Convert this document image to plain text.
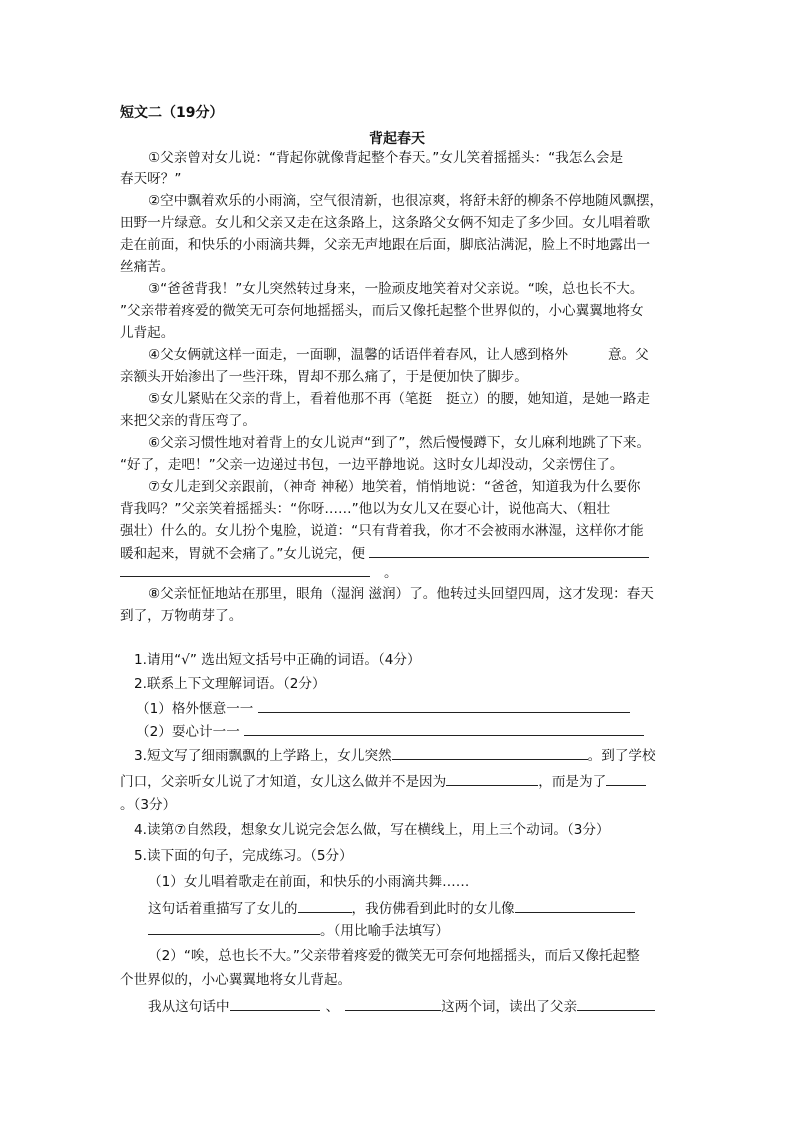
短文二（19分）
背起春天
①父亲曾对女儿说：“背起你就像背起整个春天。”女儿笑着摇摇头：“我怎么会是
春天呀？”
②空中飘着欢乐的小雨滴，空气很清新，也很凉爽，将舒未舒的柳条不停地随风飘摆，
田野一片绿意。女儿和父亲又走在这条路上，这条路父女俩不知走了多少回。女儿唱着歌
走在前面，和快乐的小雨滴共舞，父亲无声地跟在后面，脚底沾满泥，脸上不时地露出一
丝痛苦。
③“爸爸背我！”女儿突然转过身来，一脸顽皮地笑着对父亲说。“唉，总也长不大。
”父亲带着疼爱的微笑无可奈何地摇摇头，而后又像托起整个世界似的，小心翼翼地将女
儿背起。
④父女俩就这样一面走，一面聊，温馨的话语伴着春风，让人感到格外	意。父
亲额头开始渗出了一些汗珠，胃却不那么痛了，于是便加快了脚步。
⑤女儿紧贴在父亲的背上，看着他那不再（笔挺 挺立）的腰，她知道，是她一路走
来把父亲的背压弯了。
⑥父亲习惯性地对着背上的女儿说声“到了”，然后慢慢蹲下，女儿麻利地跳了下来。
“好了，走吧！”父亲一边递过书包，一边平静地说。这时女儿却没动，父亲愣住了。
⑦女儿走到父亲跟前，（神奇 神秘）地笑着，悄悄地说：“爸爸，知道我为什么要你
背我吗？”父亲笑着摇摇头：“你呀……”他以为女儿又在耍心计，说他高大、（粗壮
强壮）什么的。女儿扮个鬼脸，说道：“只有背着我，你才不会被雨水淋湿，这样你才能
暖和起来，胃就不会痛了。”女儿说完，便
。
⑧父亲怔怔地站在那里，眼角（湿润 滋润）了。他转过头回望四周，这才发现：春天
到了，万物萌芽了。
1.请用“√” 选出短文括号中正确的词语。（4分）
2.联系上下文理解词语。（2分）
（1）格外惬意一一
（2）耍心计一一
3.短文写了细雨飘飘的上学路上，女儿突然	。到了学校
门口，父亲听女儿说了才知道，女儿这么做并不是因为	，而是为了
。（3分）
4.读第⑦自然段，想象女儿说完会怎么做，写在横线上，用上三个动词。（3分）
5.读下面的句子，完成练习。（5分）
（1）女儿唱着歌走在前面，和快乐的小雨滴共舞……
这句话着重描写了女儿的	，我仿佛看到此时的女儿像
。（用比喻手法填写）
（2）“唉，总也长不大。”父亲带着疼爱的微笑无可奈何地摇摇头，而后又像托起整
个世界似的，小心翼翼地将女儿背起。
我从这句话中	、	这两个词，读出了父亲
